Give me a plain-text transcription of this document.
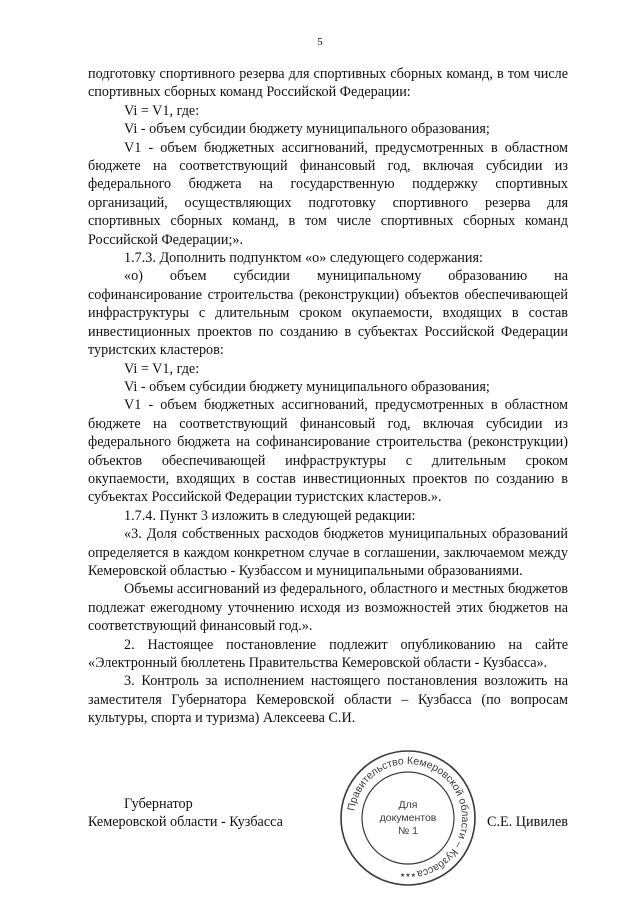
5

подготовку спортивного резерва для спортивных сборных команд, в том числе спортивных сборных команд Российской Федерации:

Vi = V1, где:

Vi - объем субсидии бюджету муниципального образования;

V1 - объем бюджетных ассигнований, предусмотренных в областном бюджете на соответствующий финансовый год, включая субсидии из федерального бюджета на государственную поддержку спортивных организаций, осуществляющих подготовку спортивного резерва для спортивных сборных команд, в том числе спортивных сборных команд Российской Федерации;».

1.7.3. Дополнить подпунктом «о» следующего содержания:

«о) объем субсидии муниципальному образованию на софинансирование строительства (реконструкции) объектов обеспечивающей инфраструктуры с длительным сроком окупаемости, входящих в состав инвестиционных проектов по созданию в субъектах Российской Федерации туристских кластеров:

Vi = V1, где:

Vi - объем субсидии бюджету муниципального образования;

V1 - объем бюджетных ассигнований, предусмотренных в областном бюджете на соответствующий финансовый год, включая субсидии из федерального бюджета на софинансирование строительства (реконструкции) объектов обеспечивающей инфраструктуры с длительным сроком окупаемости, входящих в состав инвестиционных проектов по созданию в субъектах Российской Федерации туристских кластеров.».

1.7.4. Пункт 3 изложить в следующей редакции:

«3. Доля собственных расходов бюджетов муниципальных образований определяется в каждом конкретном случае в соглашении, заключаемом между Кемеровской областью - Кузбассом и муниципальными образованиями.

Объемы ассигнований из федерального, областного и местных бюджетов подлежат ежегодному уточнению исходя из возможностей этих бюджетов на соответствующий финансовый год.».

2. Настоящее постановление подлежит опубликованию на сайте «Электронный бюллетень Правительства Кемеровской области - Кузбасса».

3. Контроль за исполнением настоящего постановления возложить на заместителя Губернатора Кемеровской области – Кузбасса (по вопросам культуры, спорта и туризма) Алексеева С.И.

Губернатор
Кемеровской области - Кузбасса
Правительство Кемеровской области – Кузбасса
Для
документов
№ 1
★★★
С.Е. Цивилев
